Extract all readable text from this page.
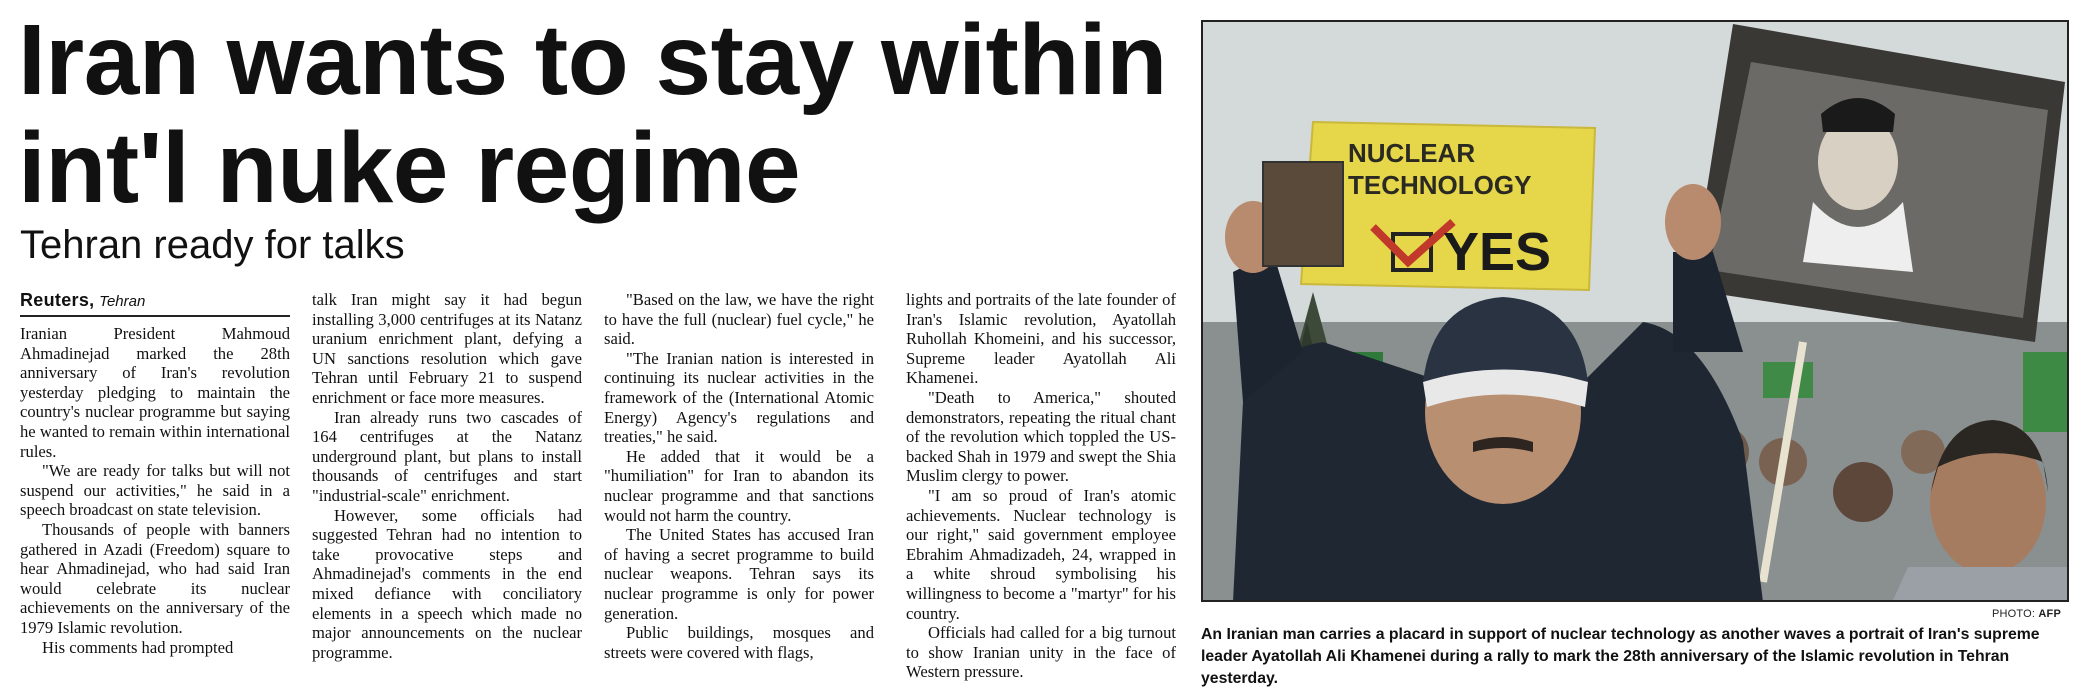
Iran wants to stay within
int'l nuke regime
Tehran ready for talks
Reuters, Tehran

Iranian President Mahmoud Ahmadinejad marked the 28th anniversary of Iran's revolution yesterday pledging to maintain the country's nuclear programme but saying he wanted to remain within international rules.

"We are ready for talks but will not suspend our activities," he said in a speech broadcast on state television.

Thousands of people with banners gathered in Azadi (Freedom) square to hear Ahmadinejad, who had said Iran would celebrate its nuclear achievements on the anniversary of the 1979 Islamic revolution.

His comments had prompted

talk Iran might say it had begun installing 3,000 centrifuges at its Natanz uranium enrichment plant, defying a UN sanctions resolution which gave Tehran until February 21 to suspend enrichment or face more measures.

Iran already runs two cascades of 164 centrifuges at the Natanz underground plant, but plans to install thousands of centrifuges and start "industrial-scale" enrichment.

However, some officials had suggested Tehran had no intention to take provocative steps and Ahmadinejad's comments in the end mixed defiance with conciliatory elements in a speech which made no major announcements on the nuclear programme.

"Based on the law, we have the right to have the full (nuclear) fuel cycle," he said.

"The Iranian nation is interested in continuing its nuclear activities in the framework of the (International Atomic Energy) Agency's regulations and treaties," he said.

He added that it would be a "humiliation" for Iran to abandon its nuclear programme and that sanctions would not harm the country.

The United States has accused Iran of having a secret programme to build nuclear weapons. Tehran says its nuclear programme is only for power generation.

Public buildings, mosques and streets were covered with flags,

lights and portraits of the late founder of Iran's Islamic revolution, Ayatollah Ruhollah Khomeini, and his successor, Supreme leader Ayatollah Ali Khamenei.

"Death to America," shouted demonstrators, repeating the ritual chant of the revolution which toppled the US-backed Shah in 1979 and swept the Shia Muslim clergy to power.

"I am so proud of Iran's atomic achievements. Nuclear technology is our right," said government employee Ebrahim Ahmadizadeh, 24, wrapped in a white shroud symbolising his willingness to become a "martyr" for his country.

Officials had called for a big turnout to show Iranian unity in the face of Western pressure.

NUCLEAR
TECHNOLOGY
YES
PHOTO: AFP

An Iranian man carries a placard in support of nuclear technology as another waves a portrait of Iran's supreme leader Ayatollah Ali Khamenei during a rally to mark the 28th anniversary of the Islamic revolution in Tehran yesterday.
